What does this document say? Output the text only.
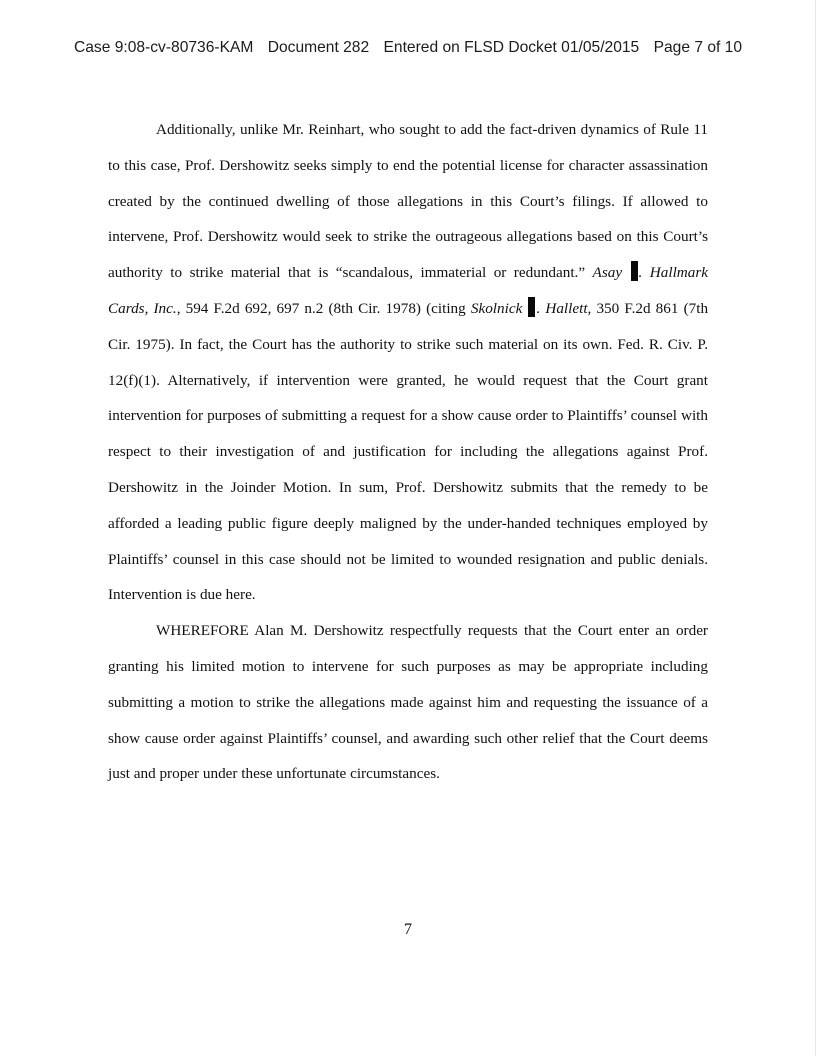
Case 9:08-cv-80736-KAM Document 282 Entered on FLSD Docket 01/05/2015 Page 7 of 10

Additionally, unlike Mr. Reinhart, who sought to add the fact-driven dynamics of Rule 11 to this case, Prof. Dershowitz seeks simply to end the potential license for character assassination created by the continued dwelling of those allegations in this Court’s filings. If allowed to intervene, Prof. Dershowitz would seek to strike the outrageous allegations based on this Court’s authority to strike material that is “scandalous, immaterial or redundant.” Asay . Hallmark Cards, Inc., 594 F.2d 692, 697 n.2 (8th Cir. 1978) (citing Skolnick . Hallett, 350 F.2d 861 (7th Cir. 1975). In fact, the Court has the authority to strike such material on its own. Fed. R. Civ. P. 12(f)(1). Alternatively, if intervention were granted, he would request that the Court grant intervention for purposes of submitting a request for a show cause order to Plaintiffs’ counsel with respect to their investigation of and justification for including the allegations against Prof. Dershowitz in the Joinder Motion. In sum, Prof. Dershowitz submits that the remedy to be afforded a leading public figure deeply maligned by the under-handed techniques employed by Plaintiffs’ counsel in this case should not be limited to wounded resignation and public denials. Intervention is due here.

WHEREFORE Alan M. Dershowitz respectfully requests that the Court enter an order granting his limited motion to intervene for such purposes as may be appropriate including submitting a motion to strike the allegations made against him and requesting the issuance of a show cause order against Plaintiffs’ counsel, and awarding such other relief that the Court deems just and proper under these unfortunate circumstances.

7
